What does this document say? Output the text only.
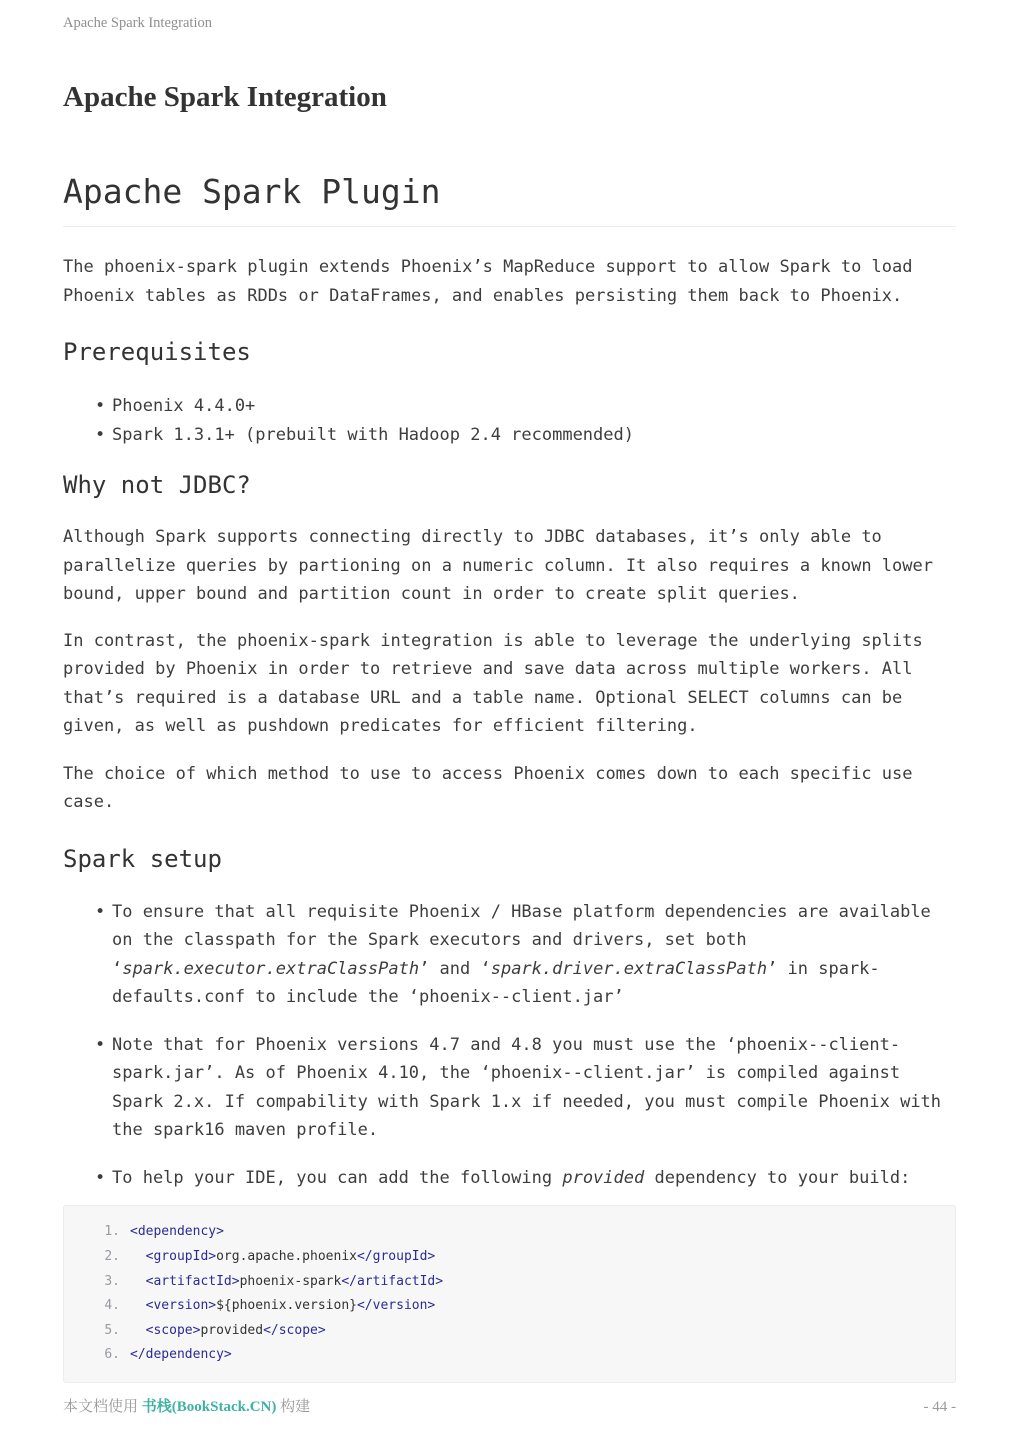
Apache Spark Integration
Apache Spark Integration
Apache Spark Plugin

The phoenix-spark plugin extends Phoenix’s MapReduce support to allow Spark to load Phoenix tables as RDDs or DataFrames, and enables persisting them back to Phoenix.

Prerequisites
• Phoenix 4.4.0+
• Spark 1.3.1+ (prebuilt with Hadoop 2.4 recommended)
Why not JDBC?

Although Spark supports connecting directly to JDBC databases, it’s only able to parallelize queries by partioning on a numeric column. It also requires a known lower bound, upper bound and partition count in order to create split queries.

In contrast, the phoenix-spark integration is able to leverage the underlying splits provided by Phoenix in order to retrieve and save data across multiple workers. All that’s required is a database URL and a table name. Optional SELECT columns can be given, as well as pushdown predicates for efficient filtering.

The choice of which method to use to access Phoenix comes down to each specific use case.

Spark setup
• To ensure that all requisite Phoenix / HBase platform dependencies are available on the classpath for the Spark executors and drivers, set both ‘spark.executor.extraClassPath’ and ‘spark.driver.extraClassPath’ in spark-defaults.conf to include the ‘phoenix--client.jar’
• Note that for Phoenix versions 4.7 and 4.8 you must use the ‘phoenix--client-spark.jar’. As of Phoenix 4.10, the ‘phoenix--client.jar’ is compiled against Spark 2.x. If compability with Spark 1.x if needed, you must compile Phoenix with the spark16 maven profile.
• To help your IDE, you can add the following provided dependency to your build:
1. <dependency>
2.  <groupId>org.apache.phoenix</groupId>
3.  <artifactId>phoenix-spark</artifactId>
4.  <version>${phoenix.version}</version>
5.  <scope>provided</scope>
6. </dependency>
本文档使用 书栈(BookStack.CN) 构建	- 44 -
